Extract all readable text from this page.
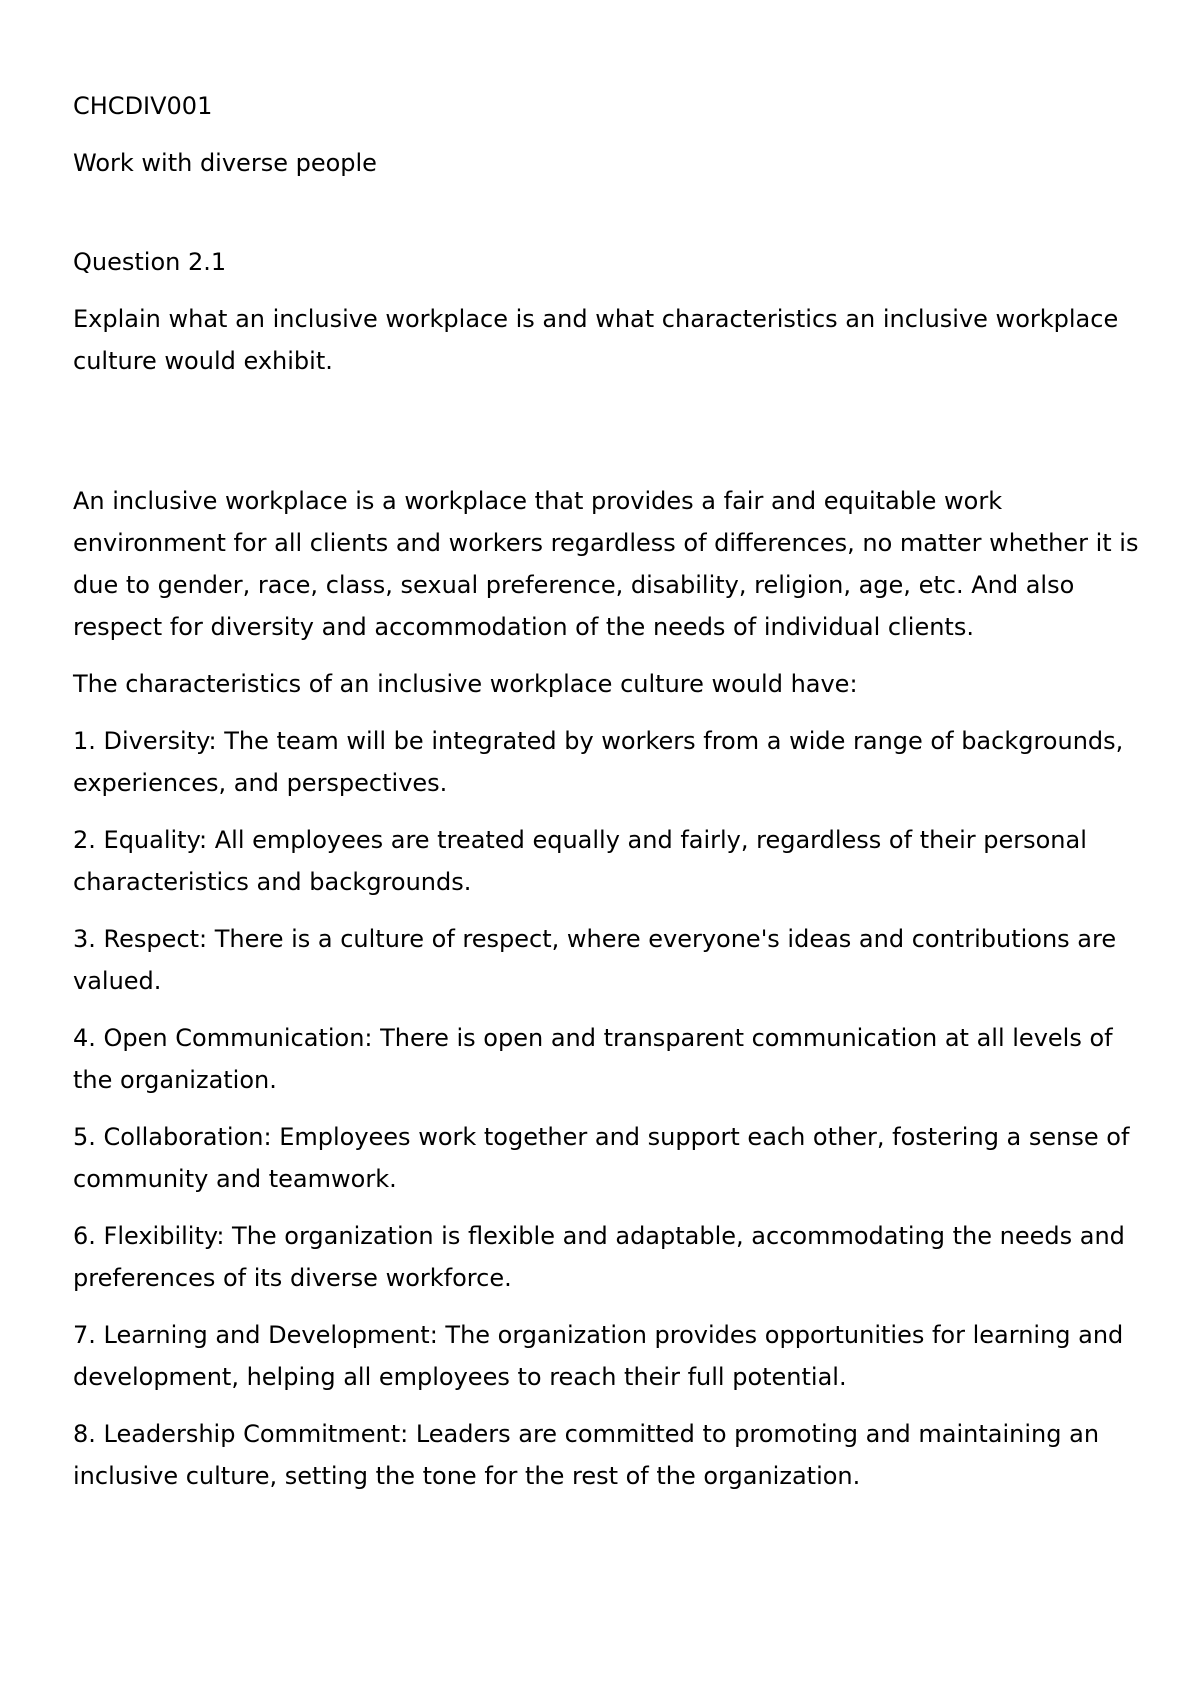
CHCDIV001

Work with diverse people

Question 2.1

Explain what an inclusive workplace is and what characteristics an inclusive workplace culture would exhibit.

An inclusive workplace is a workplace that provides a fair and equitable work environment for all clients and workers regardless of differences, no matter whether it is due to gender, race, class, sexual preference, disability, religion, age, etc. And also respect for diversity and accommodation of the needs of individual clients.

The characteristics of an inclusive workplace culture would have:

1. Diversity: The team will be integrated by workers from a wide range of backgrounds, experiences, and perspectives.

2. Equality: All employees are treated equally and fairly, regardless of their personal characteristics and backgrounds.

3. Respect: There is a culture of respect, where everyone's ideas and contributions are valued.

4. Open Communication: There is open and transparent communication at all levels of the organization.

5. Collaboration: Employees work together and support each other, fostering a sense of community and teamwork.

6. Flexibility: The organization is flexible and adaptable, accommodating the needs and preferences of its diverse workforce.

7. Learning and Development: The organization provides opportunities for learning and development, helping all employees to reach their full potential.

8. Leadership Commitment: Leaders are committed to promoting and maintaining an inclusive culture, setting the tone for the rest of the organization.
